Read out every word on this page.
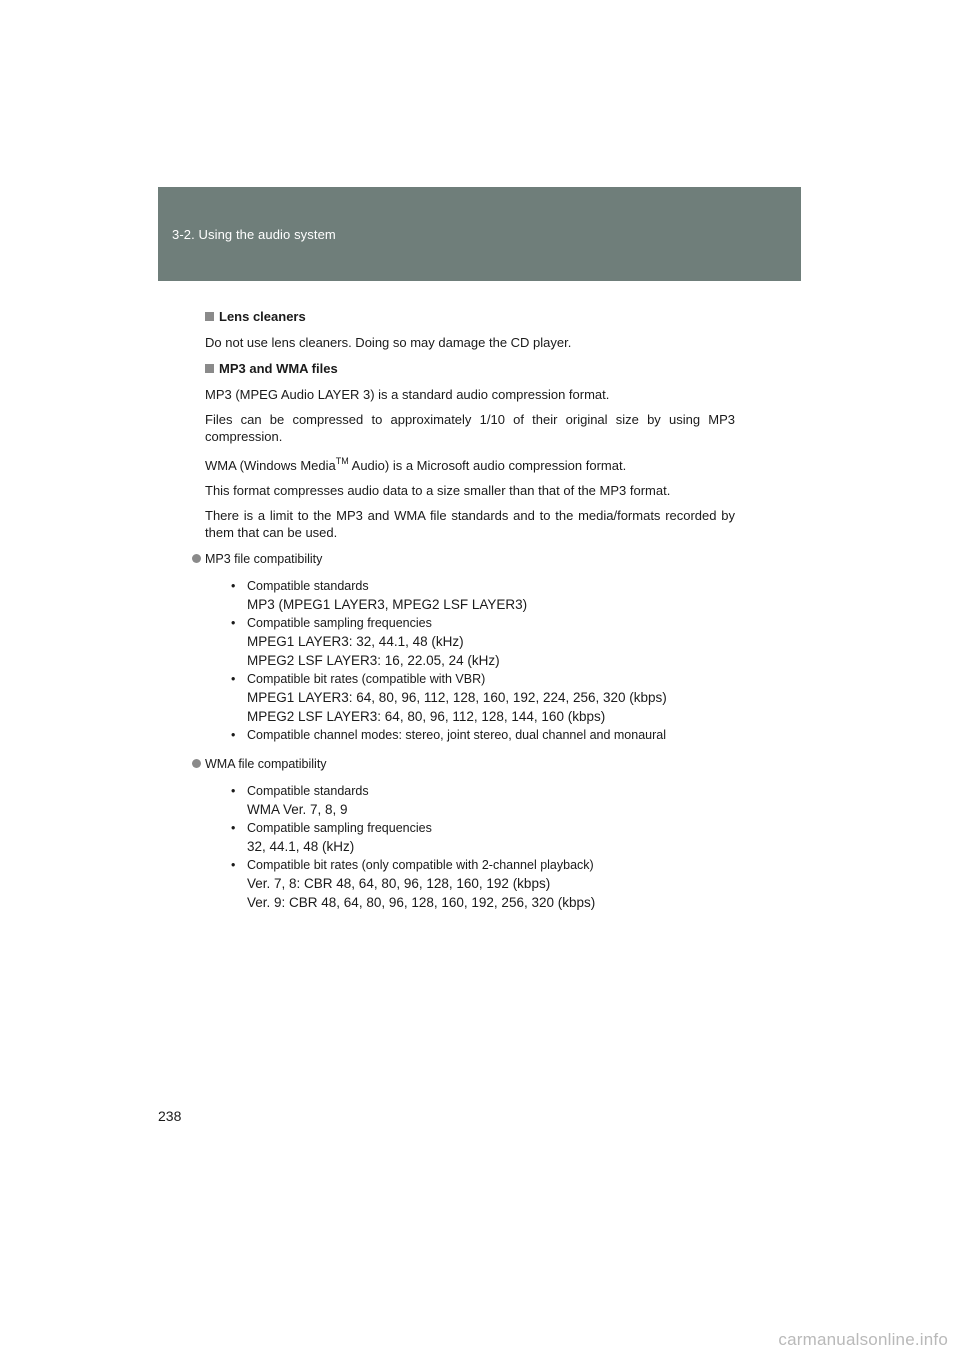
3-2. Using the audio system
Lens cleaners

Do not use lens cleaners. Doing so may damage the CD player.

MP3 and WMA files

MP3 (MPEG Audio LAYER 3) is a standard audio compression format.

Files can be compressed to approximately 1/10 of their original size by using MP3 compression.

WMA (Windows Media™ Audio) is a Microsoft audio compression format.

This format compresses audio data to a size smaller than that of the MP3 format.

There is a limit to the MP3 and WMA file standards and to the media/formats recorded by them that can be used.

MP3 file compatibility
• Compatible standards
MP3 (MPEG1 LAYER3, MPEG2 LSF LAYER3)
• Compatible sampling frequencies
MPEG1 LAYER3: 32, 44.1, 48 (kHz)
MPEG2 LSF LAYER3: 16, 22.05, 24 (kHz)
• Compatible bit rates (compatible with VBR)
MPEG1 LAYER3: 64, 80, 96, 112, 128, 160, 192, 224, 256, 320 (kbps)
MPEG2 LSF LAYER3: 64, 80, 96, 112, 128, 144, 160 (kbps)
• Compatible channel modes: stereo, joint stereo, dual channel and monaural
WMA file compatibility
• Compatible standards
WMA Ver. 7, 8, 9
• Compatible sampling frequencies
32, 44.1, 48 (kHz)
• Compatible bit rates (only compatible with 2-channel playback)
Ver. 7, 8: CBR 48, 64, 80, 96, 128, 160, 192 (kbps)
Ver. 9: CBR 48, 64, 80, 96, 128, 160, 192, 256, 320 (kbps)
238
carmanualsonline.info
